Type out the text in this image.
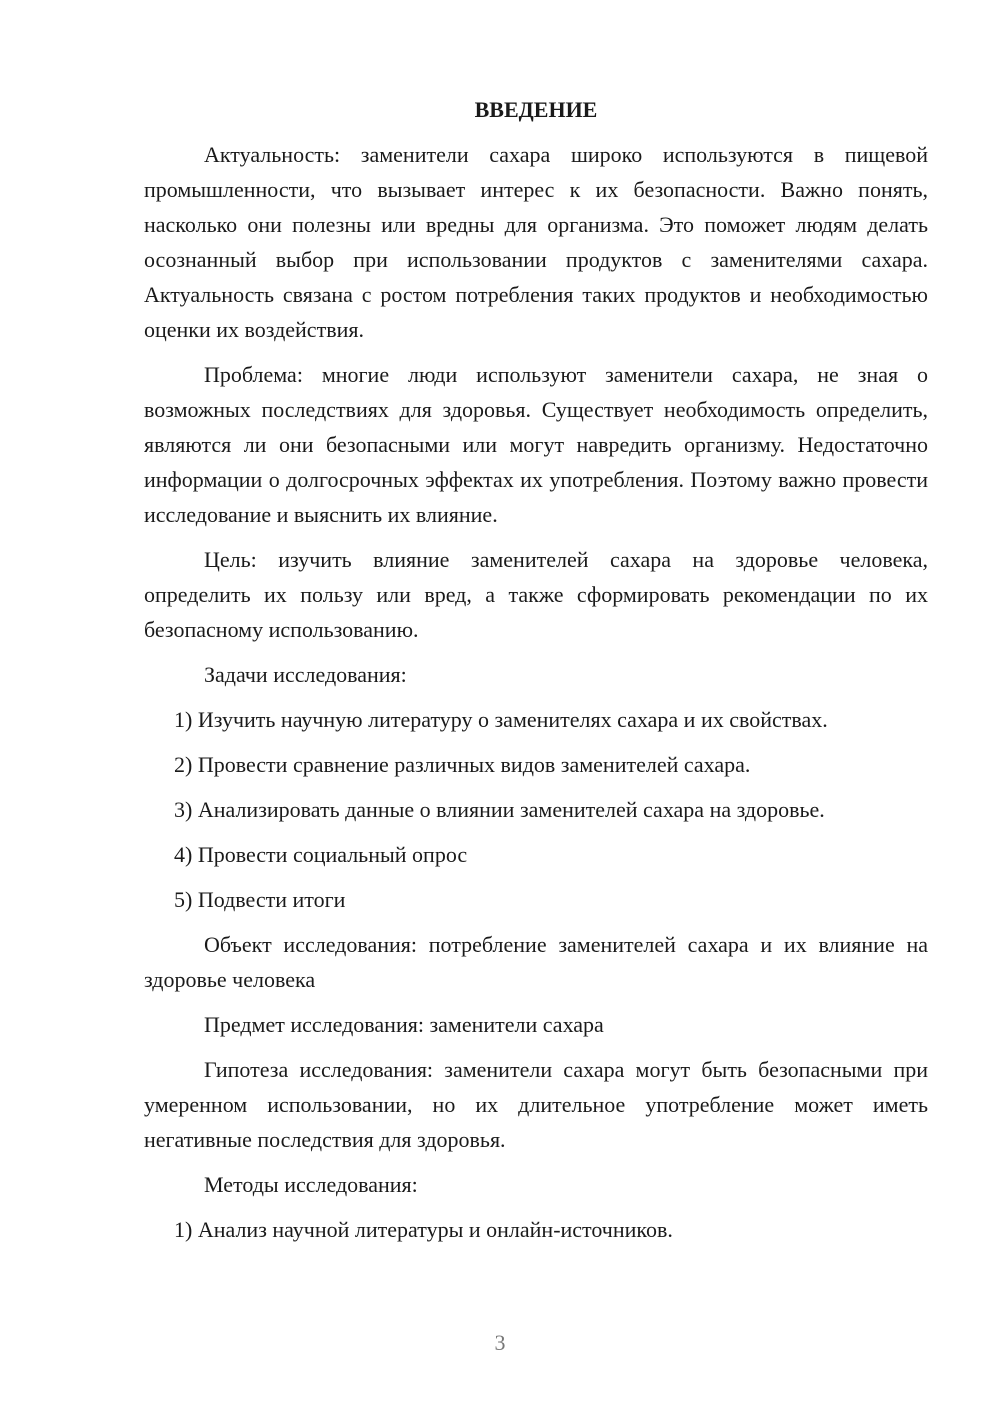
ВВЕДЕНИЕ

Актуальность: заменители сахара широко используются в пищевой промышленности, что вызывает интерес к их безопасности. Важно понять, насколько они полезны или вредны для организма. Это поможет людям делать осознанный выбор при использовании продуктов с заменителями сахара. Актуальность связана с ростом потребления таких продуктов и необходимостью оценки их воздействия.

Проблема: многие люди используют заменители сахара, не зная о возможных последствиях для здоровья. Существует необходимость определить, являются ли они безопасными или могут навредить организму. Недостаточно информации о долгосрочных эффектах их употребления. Поэтому важно провести исследование и выяснить их влияние.

Цель: изучить влияние заменителей сахара на здоровье человека, определить их пользу или вред, а также сформировать рекомендации по их безопасному использованию.

Задачи исследования:
1) Изучить научную литературу о заменителях сахара и их свойствах.
2) Провести сравнение различных видов заменителей сахара.
3) Анализировать данные о влиянии заменителей сахара на здоровье.
4) Провести социальный опрос
5) Подвести итоги

Объект исследования: потребление заменителей сахара и их влияние на здоровье человека

Предмет исследования: заменители сахара

Гипотеза исследования: заменители сахара могут быть безопасными при умеренном использовании, но их длительное употребление может иметь негативные последствия для здоровья.

Методы исследования:
1) Анализ научной литературы и онлайн-источников.
3
